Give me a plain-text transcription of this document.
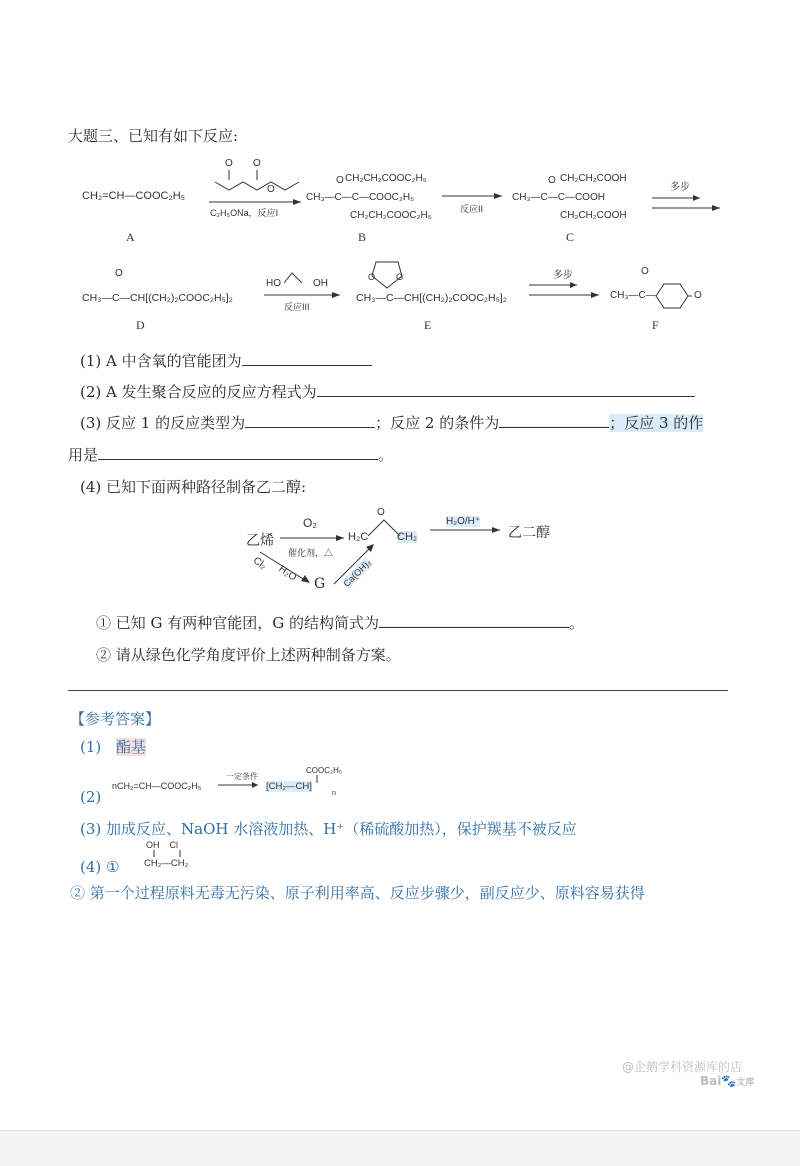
大题三、已知有如下反应:
CH₂=CH—COOC₂H₅
A
O O
O
C₂H₅ONa，反应I
CH₂CH₂COOC₂H₅
O
CH₃—C—C—COOC₂H₅
CH₂CH₂COOC₂H₅
B
反应II
CH₂CH₂COOH
O
CH₃—C—C—COOH
CH₂CH₂COOH
C
多步
O
CH₃—C—CH[(CH₂)₂COOC₂H₅]₂
D
HO	OH
反应III
O O
CH₃—C—CH[(CH₂)₂COOC₂H₅]₂
E
多步	O
CH₃—C—	O
F
(1) A 中含氧的官能团为
(2) A 发生聚合反应的反应方程式为
(3) 反应 1 的反应类型为	；反应 2 的条件为	；反应 3 的作
用是	。
(4) 已知下面两种路径制备乙二醇:
乙烯
O₂
催化剂，△
O
H₂C	CH₂
H₂O/H⁺
乙二醇
Cl₂
H₂O
G Ca(OH)₂
① 已知 G 有两种官能团，G 的结构简式为	。
② 请从绿色化学角度评价上述两种制备方案。
【参考答案】
(1) 酯基
(2)
nCH₂=CH—COOC₂H₅
一定条件
COOC₂H₅
[CH₂—CH]
n
(3) 加成反应、NaOH 水溶液加热、H⁺（稀硫酸加热），保护羰基不被反应
(4) ①
OH    Cl
CH₂—CH₂
② 第一个过程原料无毒无污染、原子利用率高、反应步骤少，副反应少、原料容易获得
@企鹅学科资源库的店
Bai🐾文库
